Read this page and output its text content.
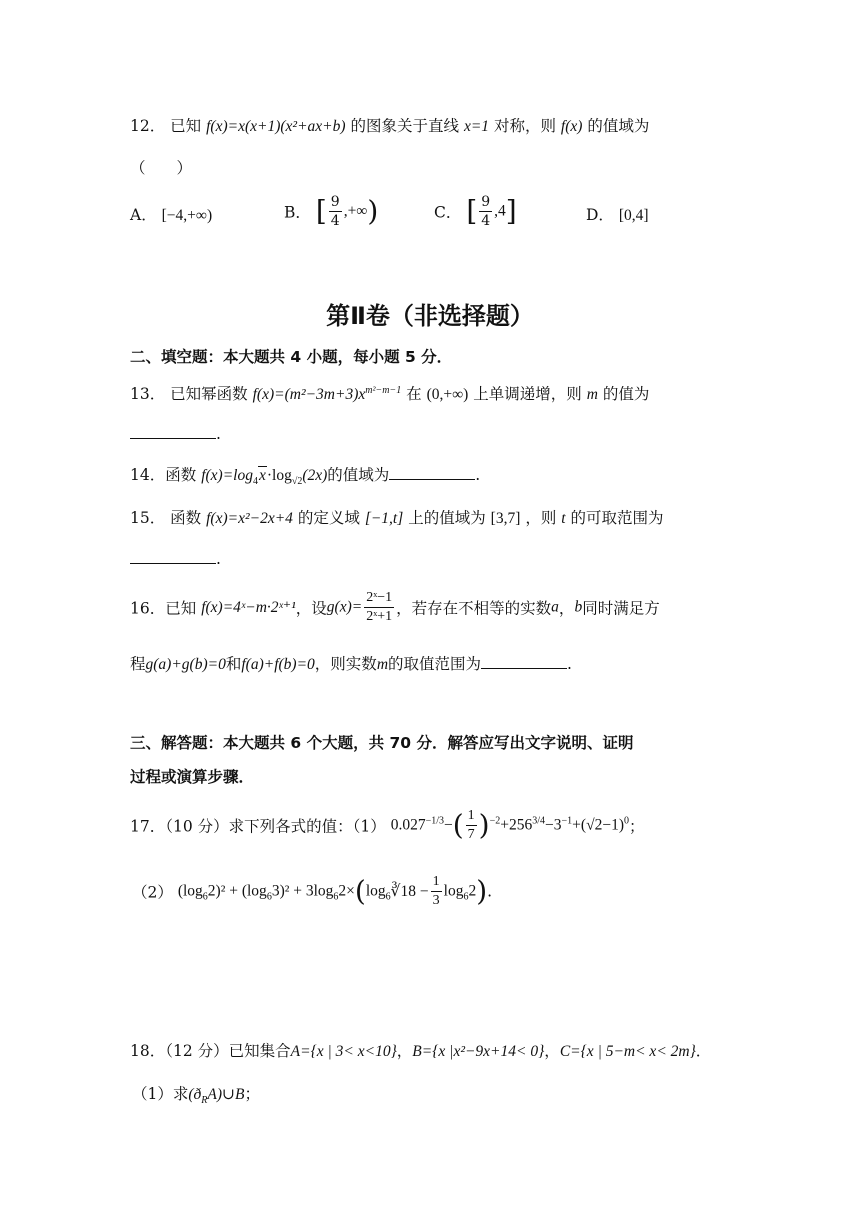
12． 已知 f(x)=x(x+1)(x²+ax+b) 的图象关于直线 x=1 对称，则 f(x) 的值域为
（　　）
A． [−4,+∞)	B． [ $\frac{9}{4}$ ,+∞)	C． [ $\frac{9}{4} ,4$]	D． [0,4]
第Ⅱ卷（非选择题）
二、填空题：本大题共 4 小题，每小题 5 分．
13． 已知幂函数 $f(x)=(m^2-3m+3)x^{m^2-m-1}$ 在 (0,+∞) 上单调递增，则 m 的值为
.
14．函数 $f(x)=\log_4x\cdot\log_{√2}(2x)$的值域为	.
15． 函数 f(x)=x²−2x+4 的定义域 [−1,t] 上的值域为 [3,7] ，则 t 的可取范围为
.
16．已知 f(x)=4ˣ−m·2ˣ⁺¹，设$g(x)= \frac{\text{2ˣ−1}}{\text{2ˣ+1}}$ ，若存在不相等的实数a，b同时满足方
程g(a)+g(b)=0和f(a)+f(b)=0，则实数m的取值范围为	.
三、解答题：本大题共 6 个大题，共 70 分．解答应写出文字说明、证明
过程或演算步骤．
17．（10 分）求下列各式的值：（1） $0.027^{-1/3}-( \frac{1}{7} )^{-2}+256^{3/4}-3^{-1}+(√2-1)^0$；
（2） $(\log_62)^2 + (\log_63)^2$ + $3\log_62\times(\log_6∛18 - \frac{1}{3} \log_62)$.
18．（12 分）已知集合A={x | 3< x<10}，B={x |x²−9x+14< 0}，C={x | 5−m< x< 2m}．
（1）求$(ð_RA)\cup B$；
